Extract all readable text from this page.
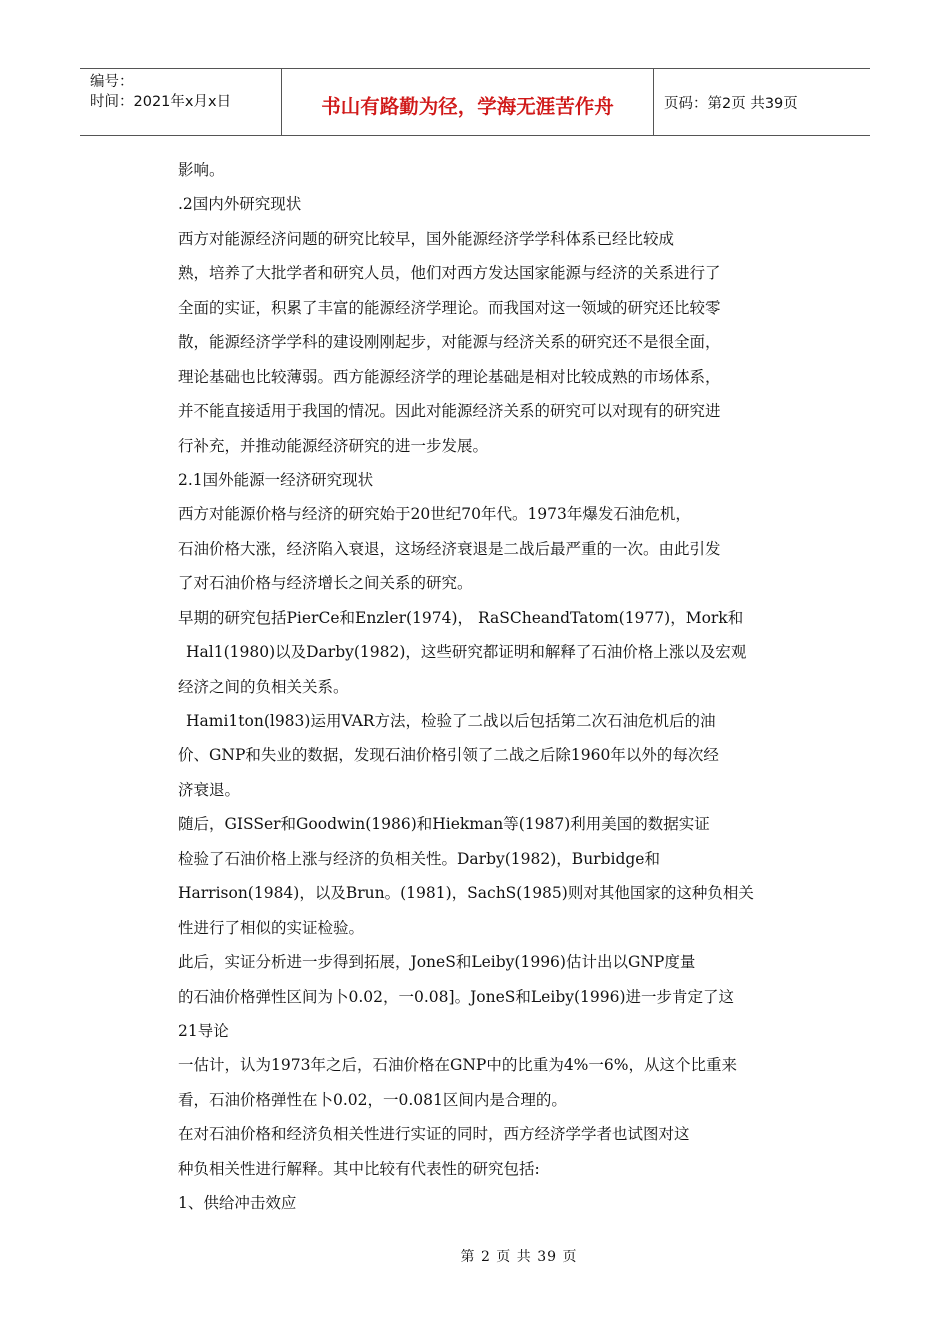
编号：
时间：2021年x月x日	书山有路勤为径，学海无涯苦作舟	页码：第2页 共39页
影响。
.2国内外研究现状
西方对能源经济问题的研究比较早，国外能源经济学学科体系已经比较成
熟，培养了大批学者和研究人员，他们对西方发达国家能源与经济的关系进行了
全面的实证，积累了丰富的能源经济学理论。而我国对这一领域的研究还比较零
散，能源经济学学科的建设刚刚起步，对能源与经济关系的研究还不是很全面，
理论基础也比较薄弱。西方能源经济学的理论基础是相对比较成熟的市场体系，
并不能直接适用于我国的情况。因此对能源经济关系的研究可以对现有的研究进
行补充，并推动能源经济研究的进一步发展。
2.1国外能源一经济研究现状
西方对能源价格与经济的研究始于20世纪70年代。1973年爆发石油危机，
石油价格大涨，经济陷入衰退，这场经济衰退是二战后最严重的一次。由此引发
了对石油价格与经济增长之间关系的研究。
早期的研究包括PierCe和Enzler(1974)， RaSCheandTatom(1977)，Mork和
Hal1(1980)以及Darby(1982)，这些研究都证明和解释了石油价格上涨以及宏观
经济之间的负相关关系。
Hami1ton(l983)运用VAR方法，检验了二战以后包括第二次石油危机后的油
价、GNP和失业的数据，发现石油价格引领了二战之后除1960年以外的每次经
济衰退。
随后，GISSer和Goodwin(1986)和Hiekman等(1987)利用美国的数据实证
检验了石油价格上涨与经济的负相关性。Darby(1982)，Burbidge和
Harrison(1984)，以及Brun。(1981)，SachS(1985)则对其他国家的这种负相关
性进行了相似的实证检验。
此后，实证分析进一步得到拓展，JoneS和Leiby(1996)估计出以GNP度量
的石油价格弹性区间为卜0.02，一0.08]。JoneS和Leiby(1996)进一步肯定了这
21导论
一估计，认为1973年之后，石油价格在GNP中的比重为4%一6%，从这个比重来
看，石油价格弹性在卜0.02，一0.081区间内是合理的。
在对石油价格和经济负相关性进行实证的同时，西方经济学学者也试图对这
种负相关性进行解释。其中比较有代表性的研究包括:
1、供给冲击效应
第 2 页 共 39 页
